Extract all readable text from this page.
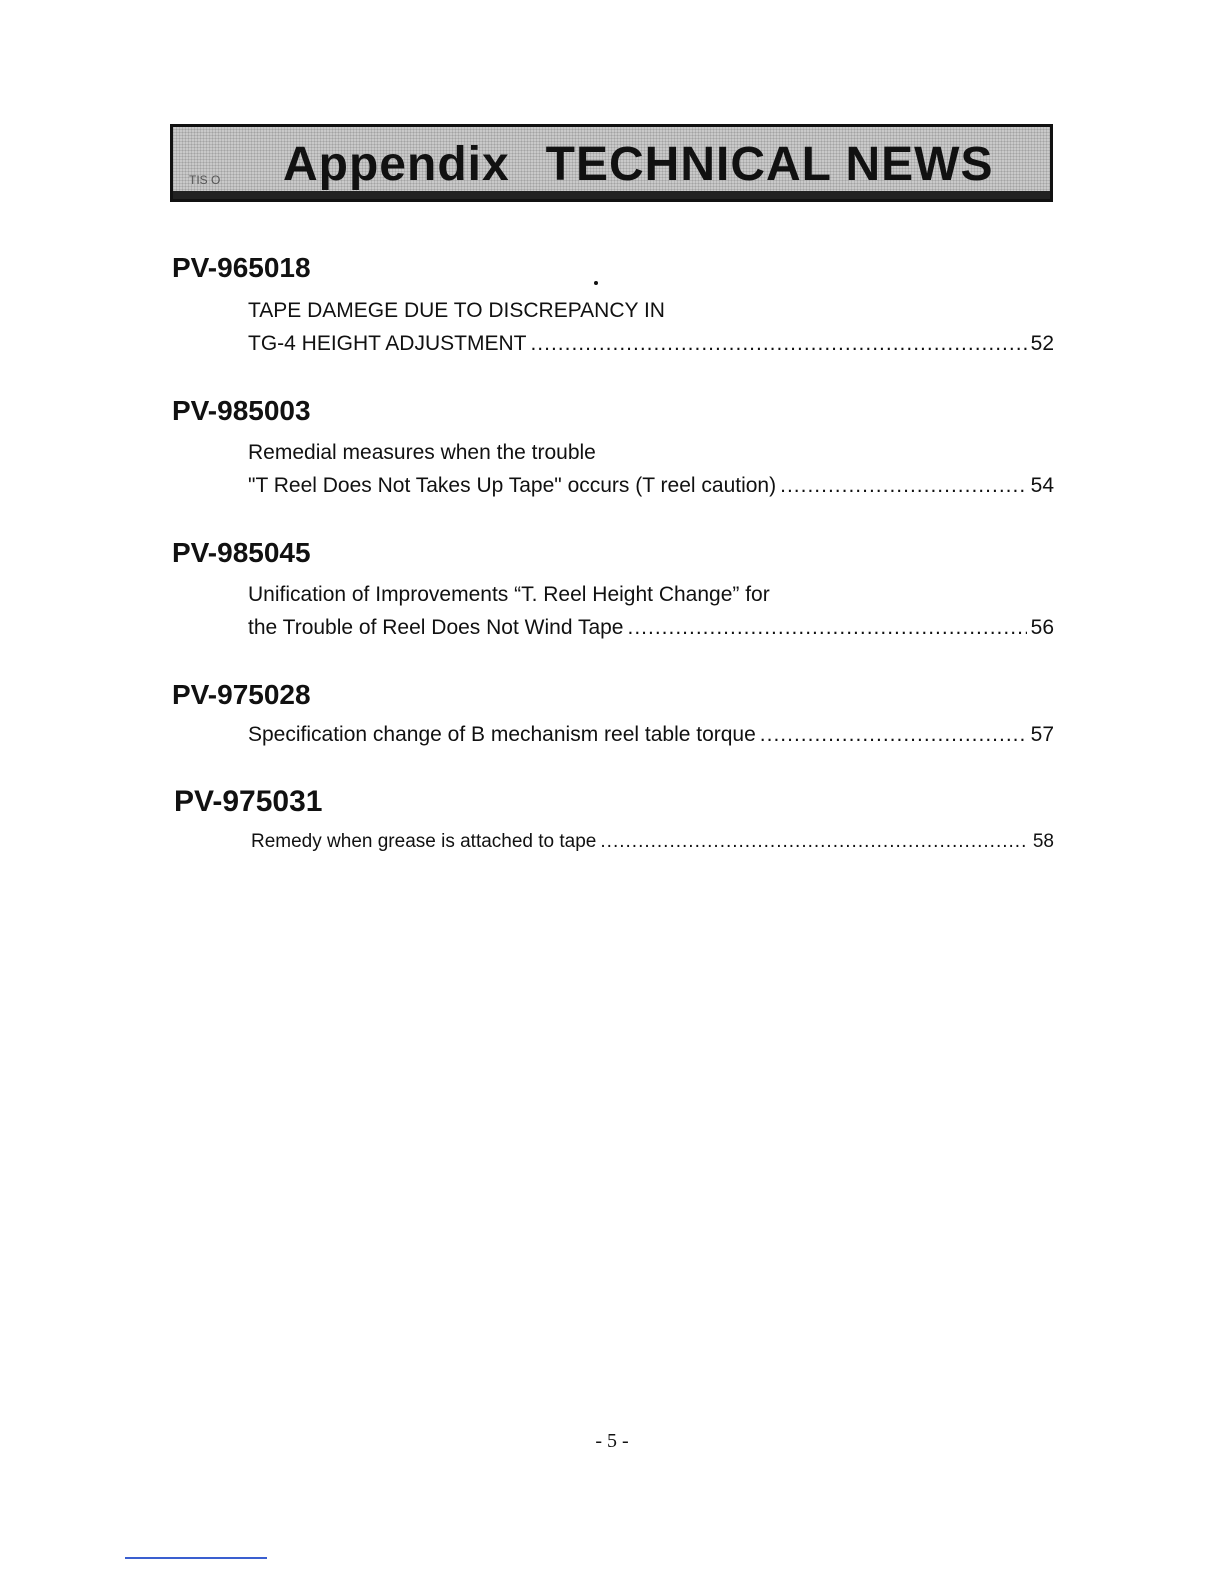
TIS O Appendix TECHNICAL NEWS
PV-965018
TAPE DAMEGE DUE TO DISCREPANCY IN
TG-4 HEIGHT ADJUSTMENT .....	52
PV-985003
Remedial measures when the trouble
"T Reel Does Not Takes Up Tape" occurs (T reel caution) .....	54
PV-985045
Unification of Improvements “T. Reel Height Change” for
the Trouble of Reel Does Not Wind Tape .....	56
PV-975028
Specification change of B mechanism reel table torque .....	57
PV-975031
Remedy when grease is attached to tape .....	58
- 5 -
